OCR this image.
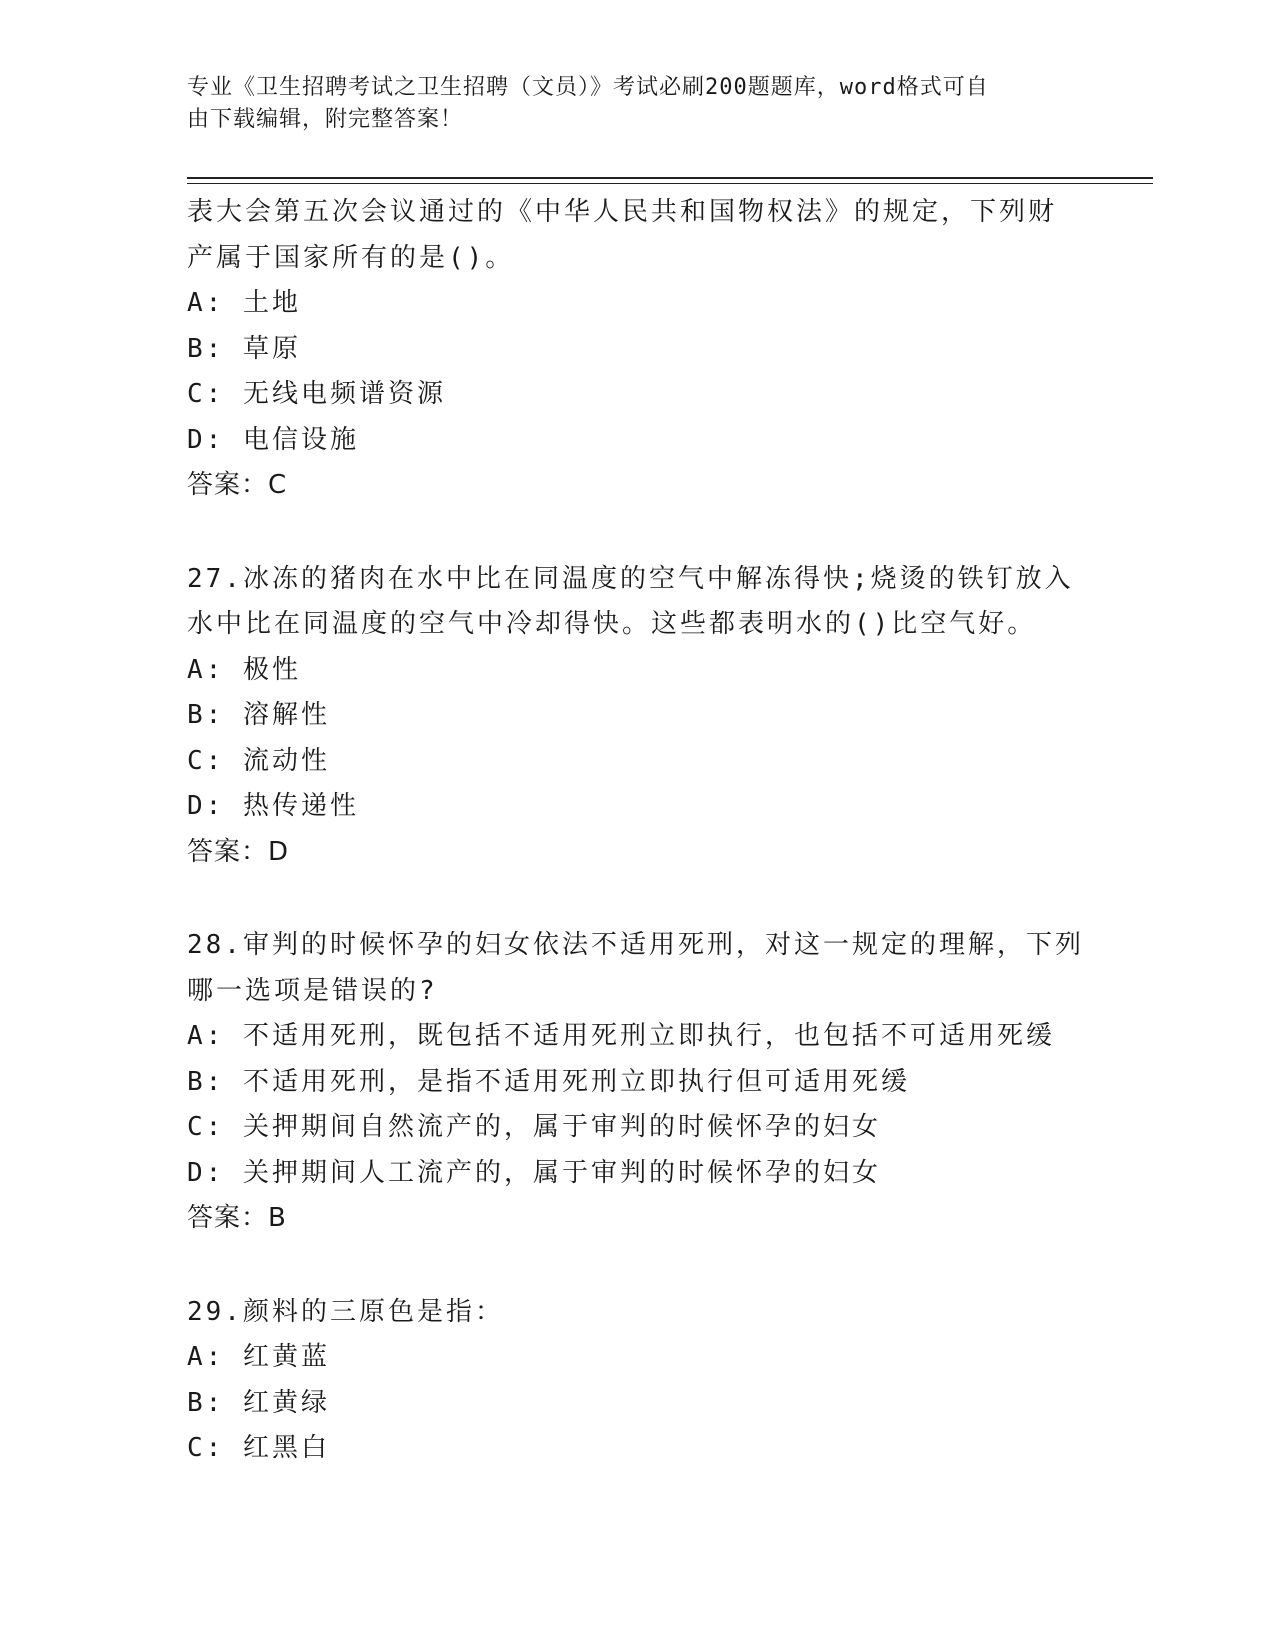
专业《卫生招聘考试之卫生招聘（文员）》考试必刷200题题库，word格式可自
由下载编辑，附完整答案！
表大会第五次会议通过的《中华人民共和国物权法》的规定，下列财
产属于国家所有的是()。
A: 土地
B: 草原
C: 无线电频谱资源
D: 电信设施
答案：C
27.冰冻的猪肉在水中比在同温度的空气中解冻得快;烧烫的铁钉放入
水中比在同温度的空气中冷却得快。这些都表明水的()比空气好。
A: 极性
B: 溶解性
C: 流动性
D: 热传递性
答案：D
28.审判的时候怀孕的妇女依法不适用死刑，对这一规定的理解，下列
哪一选项是错误的?
A: 不适用死刑，既包括不适用死刑立即执行，也包括不可适用死缓
B: 不适用死刑，是指不适用死刑立即执行但可适用死缓
C: 关押期间自然流产的，属于审判的时候怀孕的妇女
D: 关押期间人工流产的，属于审判的时候怀孕的妇女
答案：B
29.颜料的三原色是指：
A: 红黄蓝
B: 红黄绿
C: 红黑白
